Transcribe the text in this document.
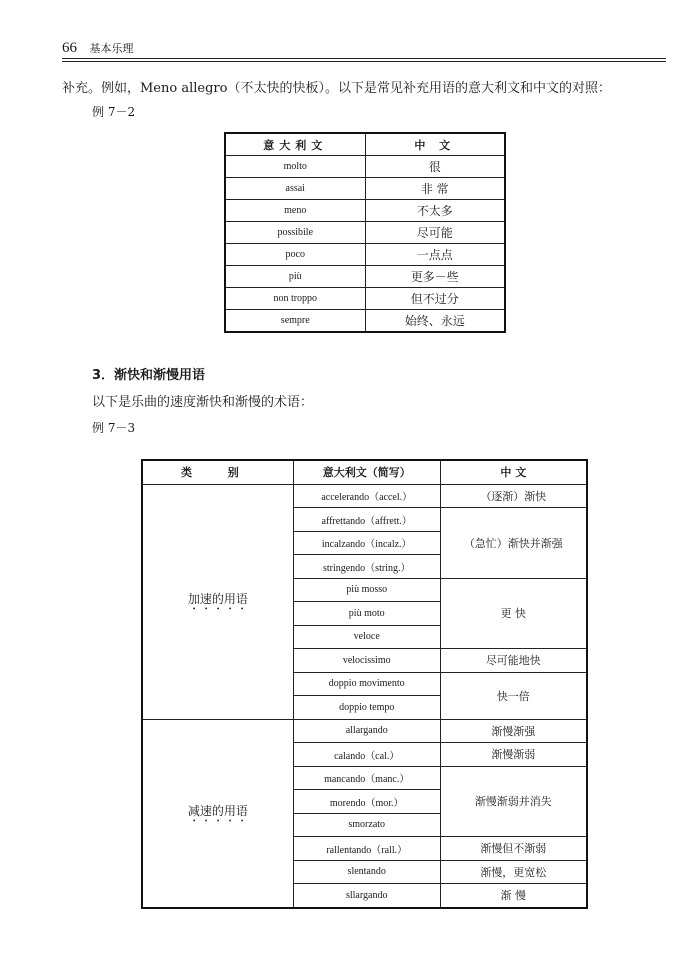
66 基本乐理
补充。例如，Meno allegro（不太快的快板）。以下是常见补充用语的意大利文和中文的对照：
例 7－2
意大利文	中 文
molto	很
assai	非 常
meno	不太多
possibile	尽可能
poco	一点点
più	更多－些
non troppo	但不过分
sempre	始终、永远
3．渐快和渐慢用语
以下是乐曲的速度渐快和渐慢的术语：
例 7－3
类 别	意大利文（简写）	中 文
加速的用语	accelerando（accel.）	（逐渐）渐快
	affrettando（affrett.）	（急忙）渐快并渐强
	incalzando（incalz.）	
	stringendo（string.）	
	più mosso	更 快
	più moto	
	veloce	
	velocissimo	尽可能地快
	doppio movimento	快一倍
	doppio tempo	
减速的用语	allargando	渐慢渐强
	calando（cal.）	渐慢渐弱
	mancando（manc.）	渐慢渐弱并消失
	morendo（mor.）	
	smorzato	
	rallentando（rall.）	渐慢但不渐弱
	slentando	渐慢，更宽松
	sllargando	渐 慢
